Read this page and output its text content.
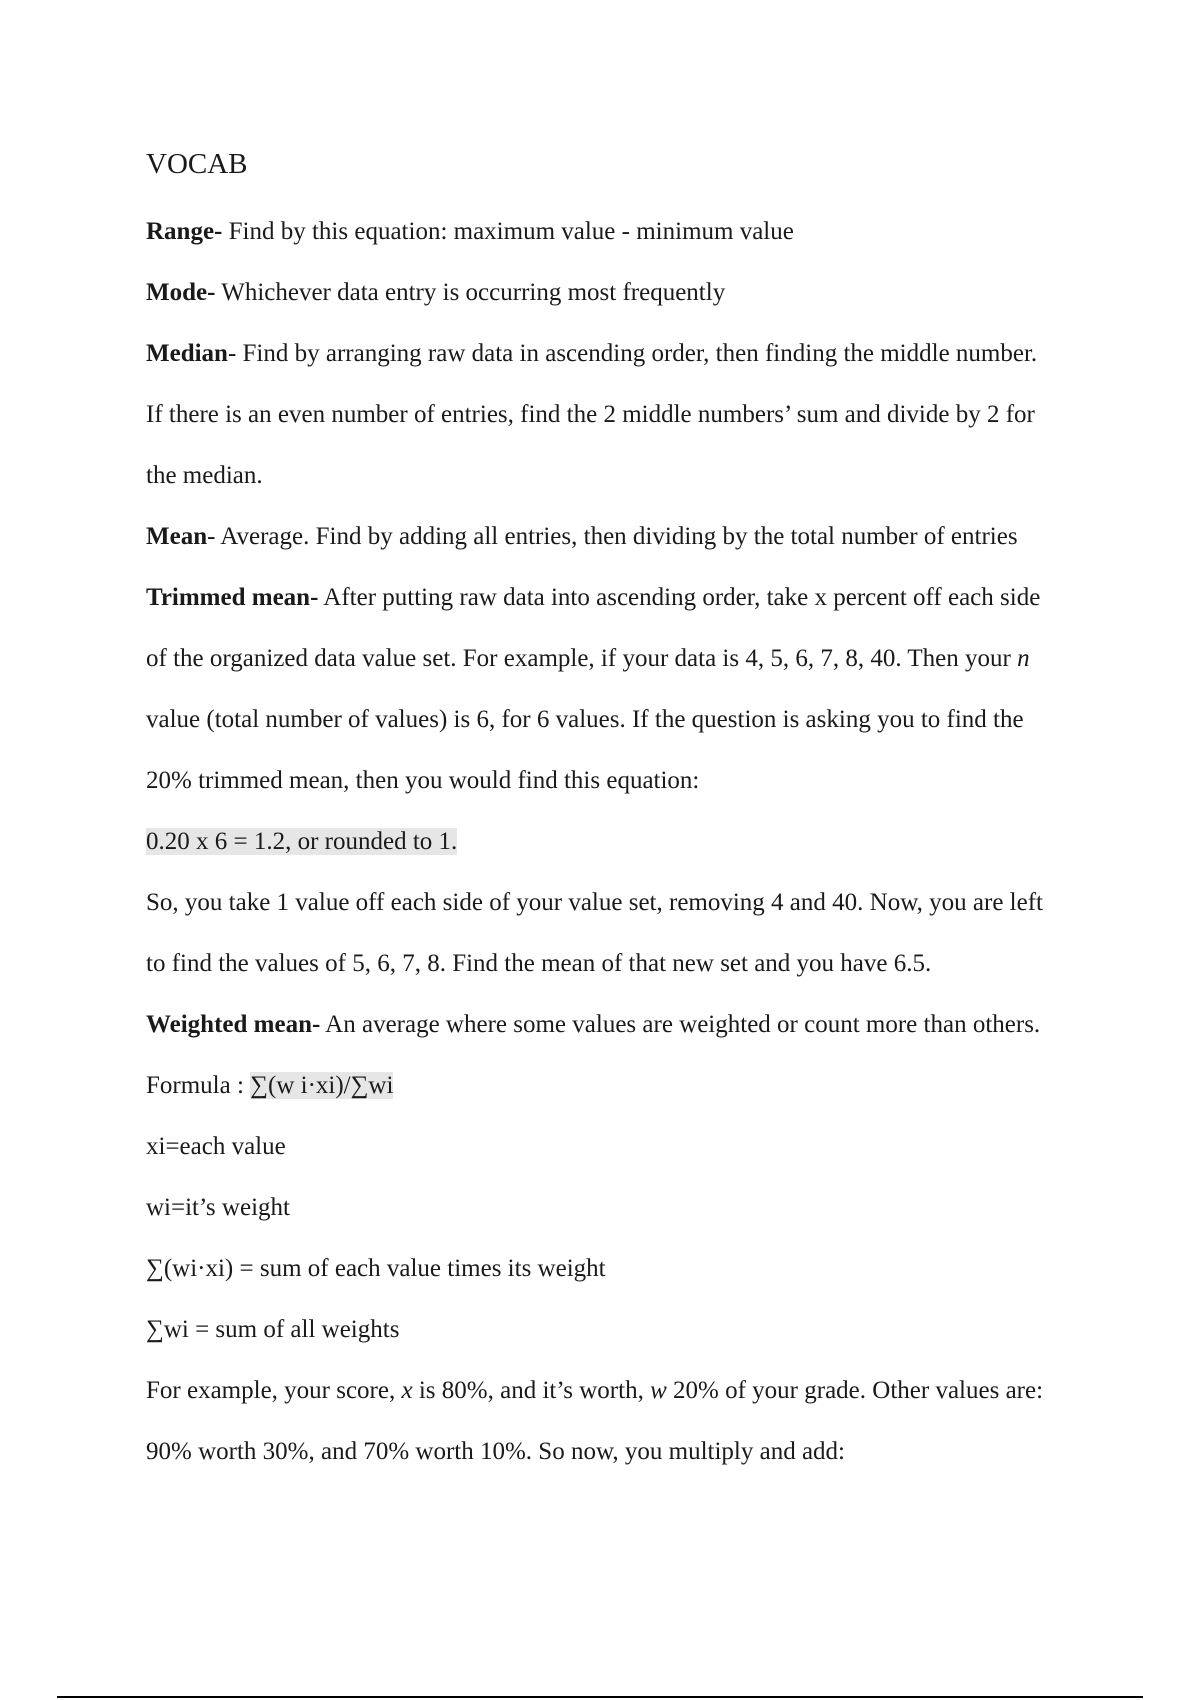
VOCAB

Range- Find by this equation: maximum value - minimum value

Mode- Whichever data entry is occurring most frequently

Median- Find by arranging raw data in ascending order, then finding the middle number.

If there is an even number of entries, find the 2 middle numbers’ sum and divide by 2 for

the median.

Mean- Average. Find by adding all entries, then dividing by the total number of entries

Trimmed mean- After putting raw data into ascending order, take x percent off each side

of the organized data value set. For example, if your data is 4, 5, 6, 7, 8, 40. Then your n

value (total number of values) is 6, for 6 values. If the question is asking you to find the

20% trimmed mean, then you would find this equation:

0.20 x 6 = 1.2, or rounded to 1.

So, you take 1 value off each side of your value set, removing 4 and 40. Now, you are left

to find the values of 5, 6, 7, 8. Find the mean of that new set and you have 6.5.

Weighted mean- An average where some values are weighted or count more than others.

Formula : ∑(w i·xi)/∑wi

xi=each value

wi=it’s weight

∑(wi·xi) = sum of each value times its weight

∑wi = sum of all weights

For example, your score, x is 80%, and it’s worth, w 20% of your grade. Other values are:

90% worth 30%, and 70% worth 10%. So now, you multiply and add:
